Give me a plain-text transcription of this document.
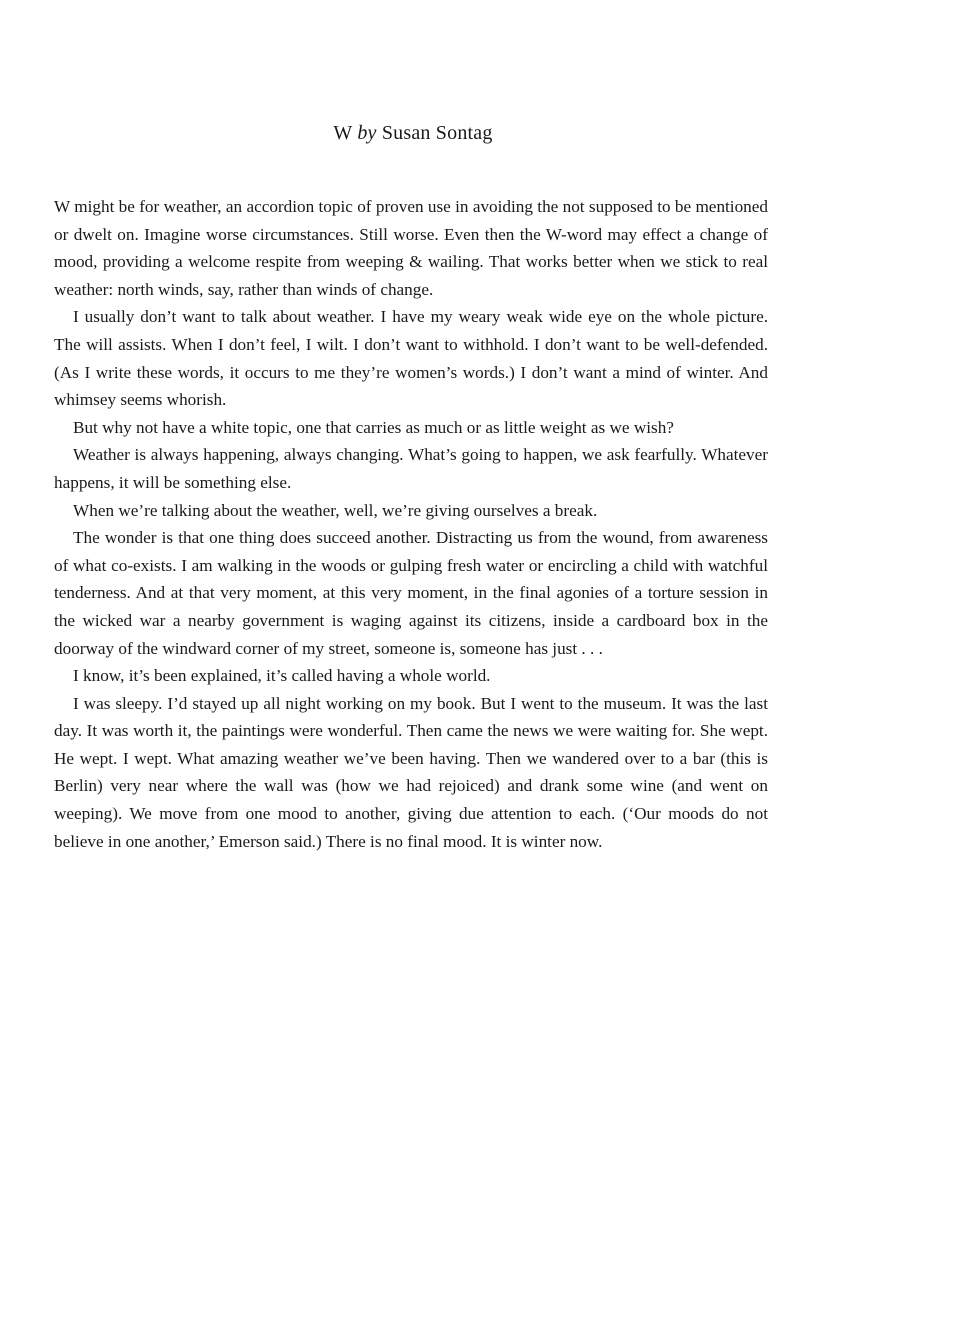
W by Susan Sontag

W might be for weather, an accordion topic of proven use in avoiding the not supposed to be mentioned or dwelt on. Imagine worse circumstances. Still worse. Even then the W-word may effect a change of mood, providing a welcome respite from weeping & wailing. That works better when we stick to real weather: north winds, say, rather than winds of change.

I usually don’t want to talk about weather. I have my weary weak wide eye on the whole picture. The will assists. When I don’t feel, I wilt. I don’t want to withhold. I don’t want to be well-defended. (As I write these words, it occurs to me they’re women’s words.) I don’t want a mind of winter. And whimsey seems whorish.

But why not have a white topic, one that carries as much or as little weight as we wish?

Weather is always happening, always changing. What’s going to happen, we ask fearfully. Whatever happens, it will be something else.

When we’re talking about the weather, well, we’re giving ourselves a break.

The wonder is that one thing does succeed another. Distracting us from the wound, from awareness of what co-exists. I am walking in the woods or gulping fresh water or encircling a child with watchful tenderness. And at that very moment, at this very moment, in the final agonies of a torture session in the wicked war a nearby government is waging against its citizens, inside a cardboard box in the doorway of the windward corner of my street, someone is, someone has just . . .

I know, it’s been explained, it’s called having a whole world.

I was sleepy. I’d stayed up all night working on my book. But I went to the museum. It was the last day. It was worth it, the paintings were wonderful. Then came the news we were waiting for. She wept. He wept. I wept. What amazing weather we’ve been having. Then we wandered over to a bar (this is Berlin) very near where the wall was (how we had rejoiced) and drank some wine (and went on weeping). We move from one mood to another, giving due attention to each. (‘Our moods do not believe in one another,’ Emerson said.) There is no final mood. It is winter now.
